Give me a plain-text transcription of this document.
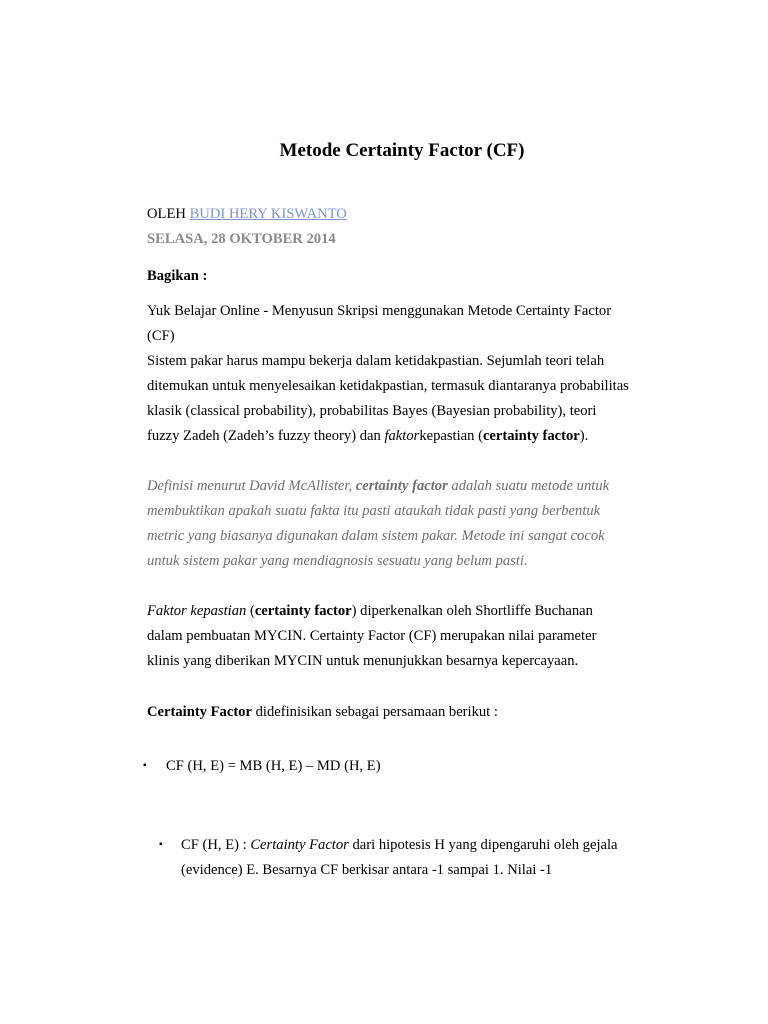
Metode Certainty Factor (CF)
OLEH BUDI HERY KISWANTO
SELASA, 28 OKTOBER 2014
Bagikan :
Yuk Belajar Online - Menyusun Skripsi menggunakan Metode Certainty Factor
(CF)
Sistem pakar harus mampu bekerja dalam ketidakpastian. Sejumlah teori telah
ditemukan untuk menyelesaikan ketidakpastian, termasuk diantaranya probabilitas
klasik (classical probability), probabilitas Bayes (Bayesian probability), teori
fuzzy Zadeh (Zadeh’s fuzzy theory) dan faktorkepastian (certainty factor).
Definisi menurut David McAllister, certainty factor adalah suatu metode untuk
membuktikan apakah suatu fakta itu pasti ataukah tidak pasti yang berbentuk
metric yang biasanya digunakan dalam sistem pakar. Metode ini sangat cocok
untuk sistem pakar yang mendiagnosis sesuatu yang belum pasti.
Faktor kepastian (certainty factor) diperkenalkan oleh Shortliffe Buchanan
dalam pembuatan MYCIN. Certainty Factor (CF) merupakan nilai parameter
klinis yang diberikan MYCIN untuk menunjukkan besarnya kepercayaan.
Certainty Factor didefinisikan sebagai persamaan berikut :
▪ CF (H, E) = MB (H, E) – MD (H, E)
▪ CF (H, E) : Certainty Factor dari hipotesis H yang dipengaruhi oleh gejala
(evidence) E. Besarnya CF berkisar antara -1 sampai 1. Nilai -1
